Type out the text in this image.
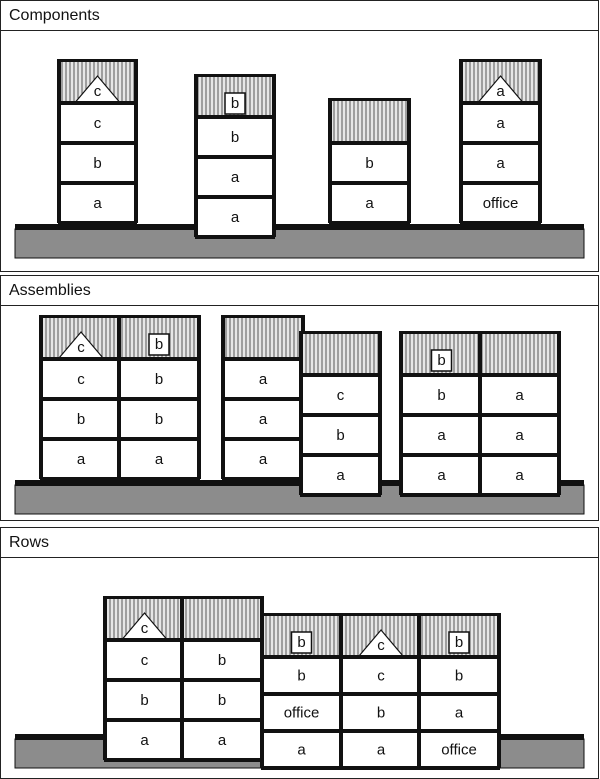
Components
c
c
b
a
b
b
a
a
b
a
a
a
a
office
Assemblies
c
c
b
a
b
b
b
a
a
a
a
c
b
a
b
b
a
a
a
a
a
Rows
c
c
b
a
b
b
a
b
b
office
a
c
c
b
a
b
b
a
office
